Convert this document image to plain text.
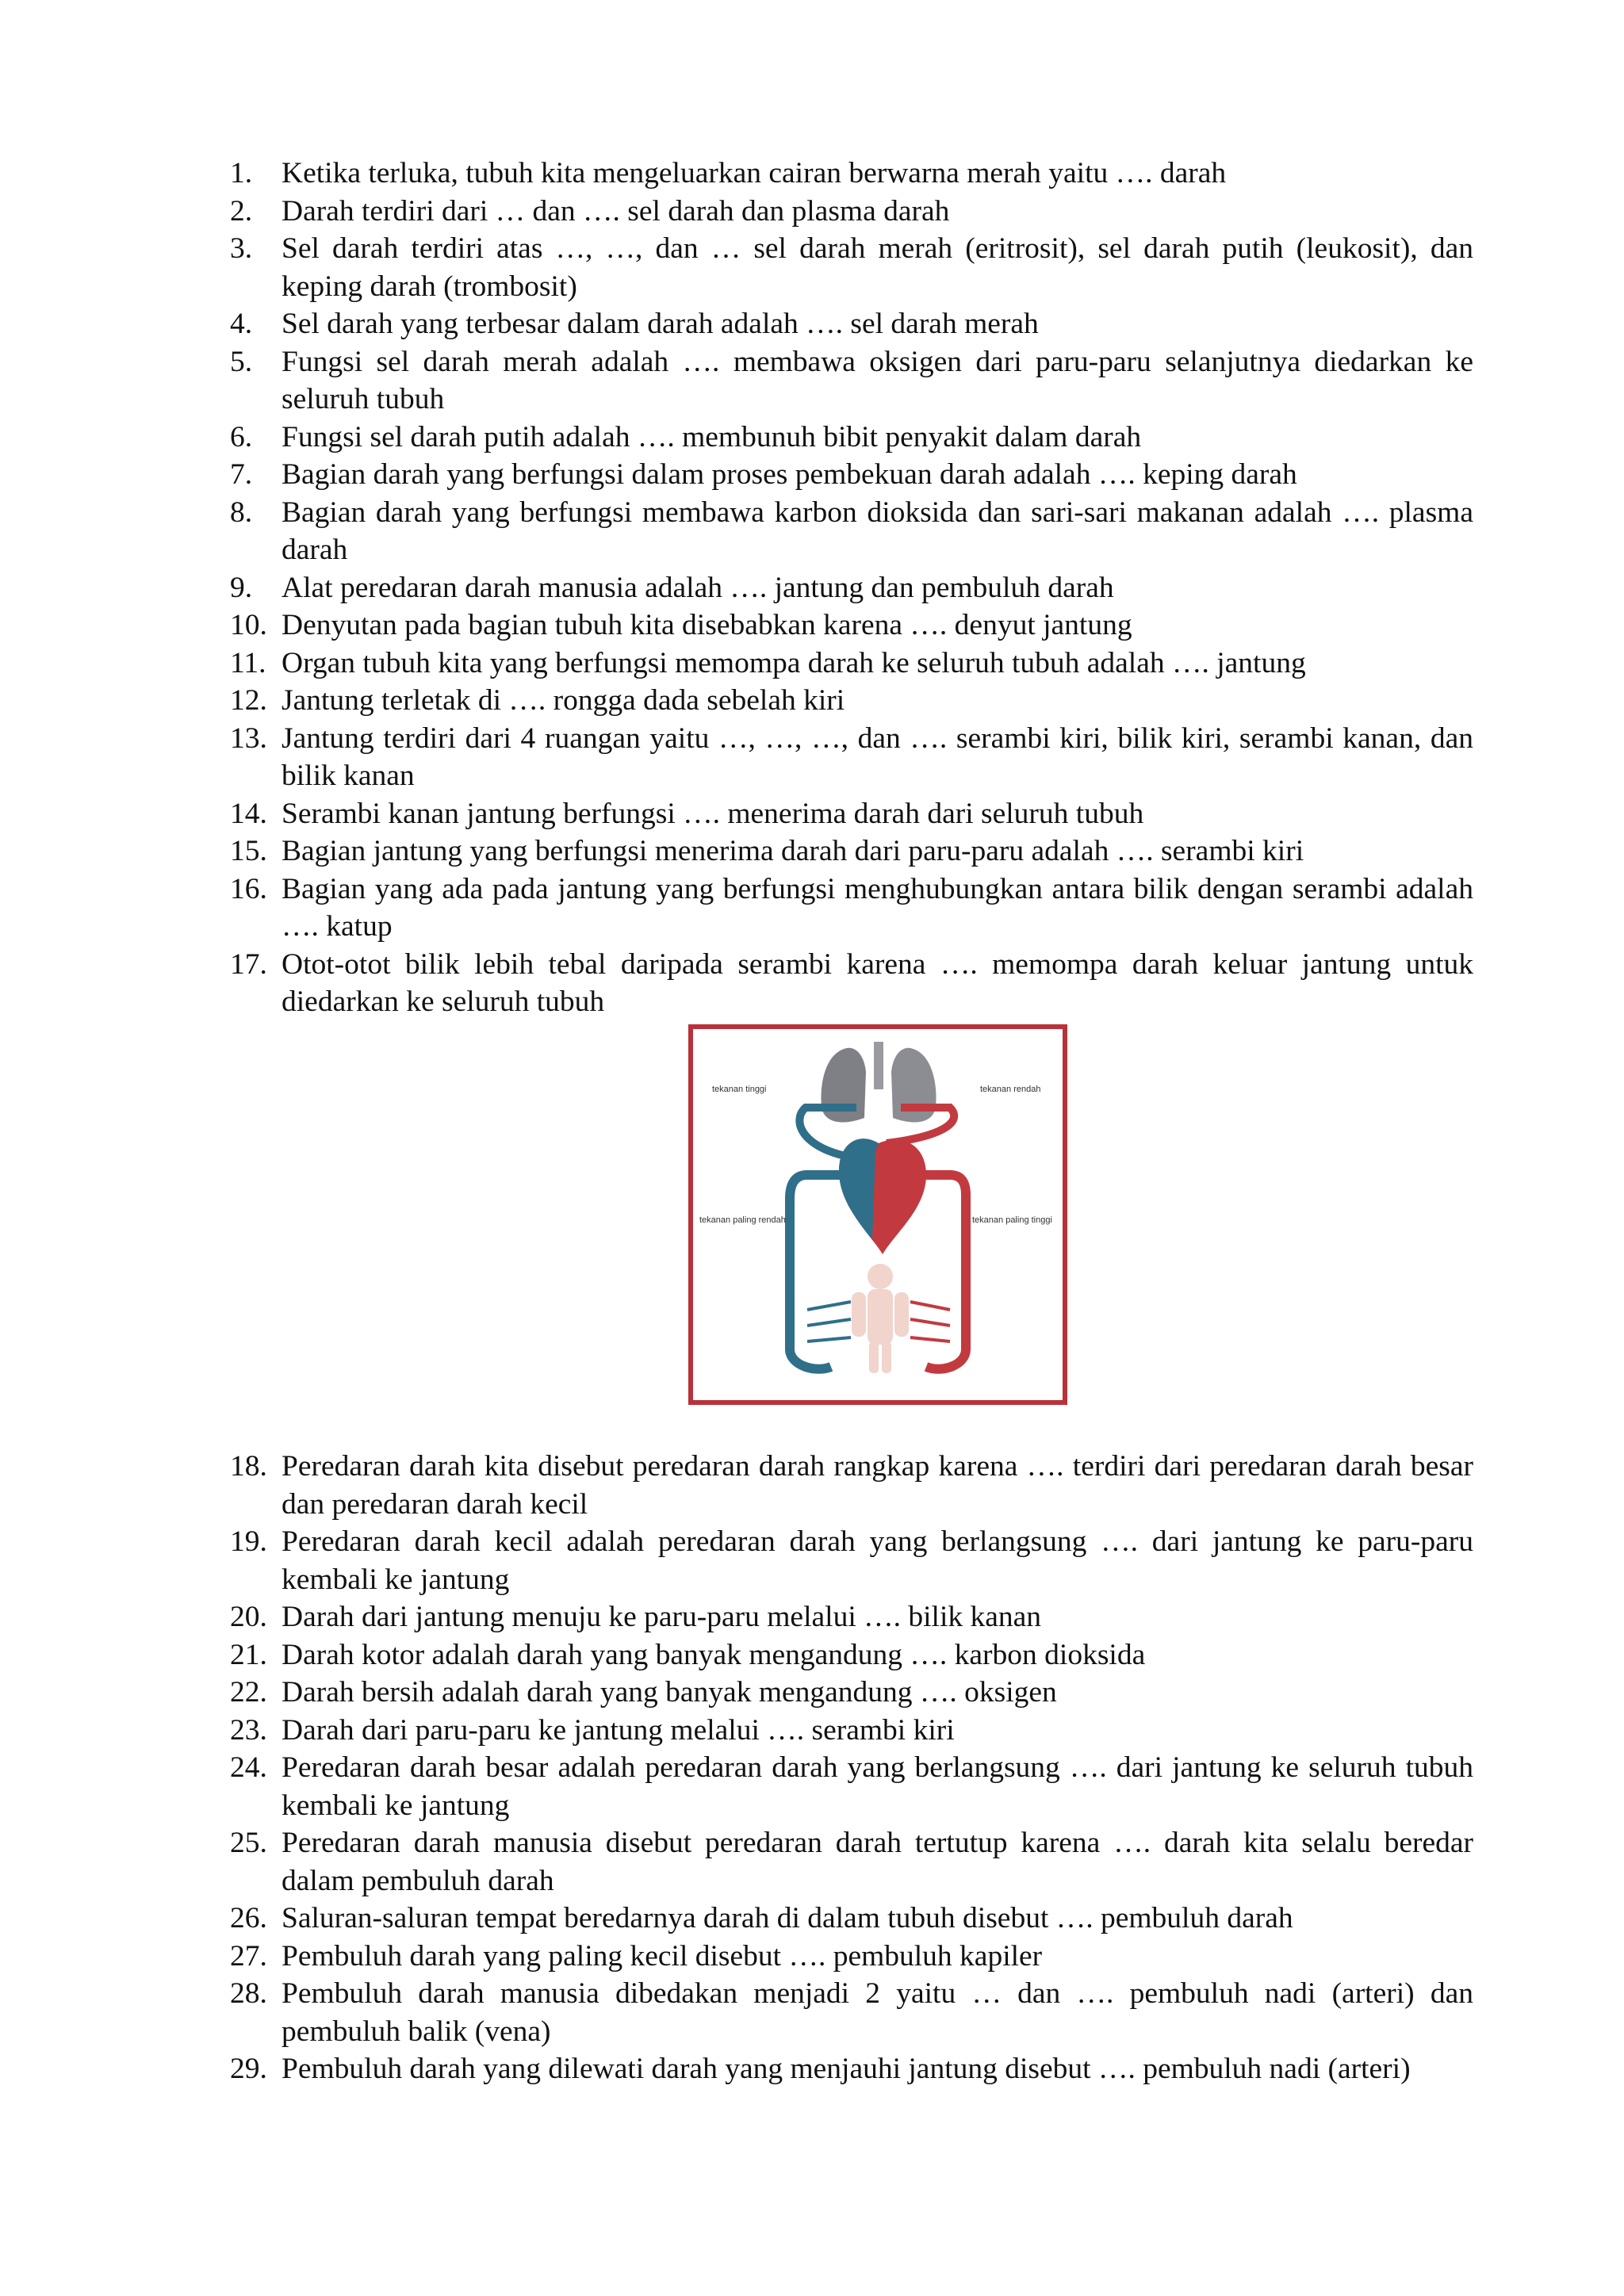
1. Ketika terluka, tubuh kita mengeluarkan cairan berwarna merah yaitu …. darah
2. Darah terdiri dari … dan …. sel darah dan plasma darah
3. Sel darah terdiri atas …, …, dan … sel darah merah (eritrosit), sel darah putih (leukosit), dan keping darah (trombosit)
4. Sel darah yang terbesar dalam darah adalah …. sel darah merah
5. Fungsi sel darah merah adalah …. membawa oksigen dari paru-paru selanjutnya diedarkan ke seluruh tubuh
6. Fungsi sel darah putih adalah …. membunuh bibit penyakit dalam darah
7. Bagian darah yang berfungsi dalam proses pembekuan darah adalah …. keping darah
8. Bagian darah yang berfungsi membawa karbon dioksida dan sari-sari makanan adalah …. plasma darah
9. Alat peredaran darah manusia adalah …. jantung dan pembuluh darah
10. Denyutan pada bagian tubuh kita disebabkan karena …. denyut jantung
11. Organ tubuh kita yang berfungsi memompa darah ke seluruh tubuh adalah …. jantung
12. Jantung terletak di …. rongga dada sebelah kiri
13. Jantung terdiri dari 4 ruangan yaitu …, …, …, dan …. serambi kiri, bilik kiri, serambi kanan, dan bilik kanan
14. Serambi kanan jantung berfungsi …. menerima darah dari seluruh tubuh
15. Bagian jantung yang berfungsi menerima darah dari paru-paru adalah …. serambi kiri
16. Bagian yang ada pada jantung yang berfungsi menghubungkan antara bilik dengan serambi adalah …. katup
17. Otot-otot bilik lebih tebal daripada serambi karena …. memompa darah keluar jantung untuk diedarkan ke seluruh tubuh
tekanan tinggi	tekanan rendah
tekanan paling rendah	tekanan paling tinggi
18. Peredaran darah kita disebut peredaran darah rangkap karena …. terdiri dari peredaran darah besar dan peredaran darah kecil
19. Peredaran darah kecil adalah peredaran darah yang berlangsung …. dari jantung ke paru-paru kembali ke jantung
20. Darah dari jantung menuju ke paru-paru melalui …. bilik kanan
21. Darah kotor adalah darah yang banyak mengandung …. karbon dioksida
22. Darah bersih adalah darah yang banyak mengandung …. oksigen
23. Darah dari paru-paru ke jantung melalui …. serambi kiri
24. Peredaran darah besar adalah peredaran darah yang berlangsung …. dari jantung ke seluruh tubuh kembali ke jantung
25. Peredaran darah manusia disebut peredaran darah tertutup karena …. darah kita selalu beredar dalam pembuluh darah
26. Saluran-saluran tempat beredarnya darah di dalam tubuh disebut …. pembuluh darah
27. Pembuluh darah yang paling kecil disebut …. pembuluh kapiler
28. Pembuluh darah manusia dibedakan menjadi 2 yaitu … dan …. pembuluh nadi (arteri) dan pembuluh balik (vena)
29. Pembuluh darah yang dilewati darah yang menjauhi jantung disebut …. pembuluh nadi (arteri)
